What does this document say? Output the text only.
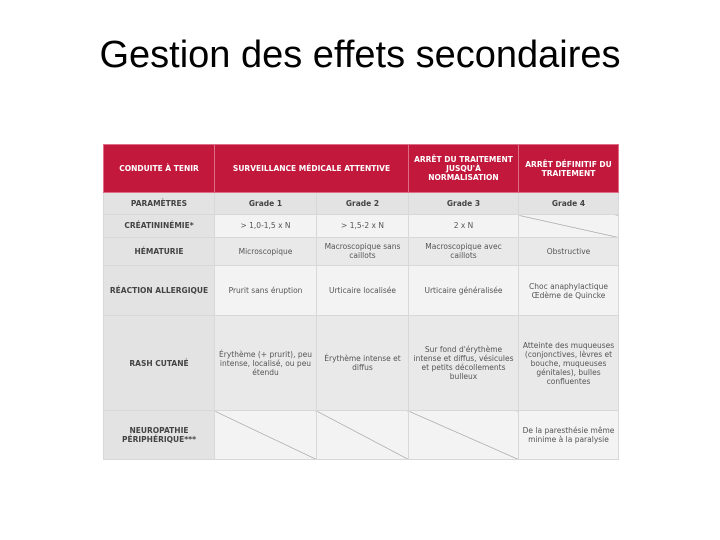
Gestion des effets secondaires
CONDUITE À TENIR	SURVEILLANCE MÉDICALE ATTENTIVE		ARRÊT DU TRAITEMENT JUSQU'À NORMALISATION	ARRÊT DÉFINITIF DU TRAITEMENT
PARAMÈTRES	Grade 1	Grade 2	Grade 3	Grade 4
CRÉATININÉMIE*	> 1,0-1,5 x N	> 1,5-2 x N	2 x N	
HÉMATURIE	Microscopique	Macroscopique sans caillots	Macroscopique avec caillots	Obstructive
RÉACTION ALLERGIQUE	Prurit sans éruption	Urticaire localisée	Urticaire généralisée	Choc anaphylactique Œdème de Quincke
RASH CUTANÉ	Érythème (+ prurit), peu intense, localisé, ou peu étendu	Érythème intense et diffus	Sur fond d'érythème intense et diffus, vésicules et petits décollements bulleux	Atteinte des muqueuses (conjonctives, lèvres et bouche, muqueuses génitales), bulles confluentes
NEUROPATHIE PÉRIPHÉRIQUE***				De la paresthésie même minime à la paralysie
